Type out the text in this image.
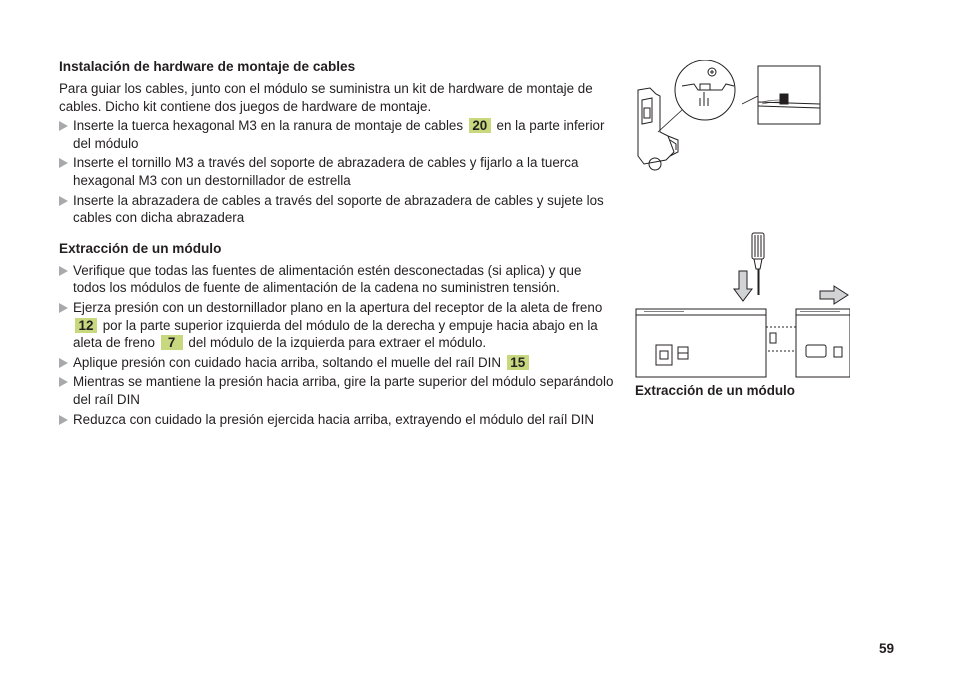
Instalación de hardware de montaje de cables

Para guiar los cables, junto con el módulo se suministra un kit de hardware de montaje de cables. Dicho kit contiene dos juegos de hardware de montaje.

Inserte la tuerca hexagonal M3 en la ranura de montaje de cables 20 en la parte inferior del módulo
Inserte el tornillo M3 a través del soporte de abrazadera de cables y fijarlo a la tuerca hexagonal M3 con un destornillador de estrella
Inserte la abrazadera de cables a través del soporte de abrazadera de cables y sujete los cables con dicha abrazadera
Extracción de un módulo
Verifique que todas las fuentes de alimentación estén desconectadas (si aplica) y que todos los módulos de fuente de alimentación de la cadena no suministren tensión.
Ejerza presión con un destornillador plano en la apertura del receptor de la aleta de freno 12 por la parte superior izquierda del módulo de la derecha y empuje hacia abajo en la aleta de freno 7 del módulo de la izquierda para extraer el módulo.
Aplique presión con cuidado hacia arriba, soltando el muelle del raíl DIN 15
Mientras se mantiene la presión hacia arriba, gire la parte superior del módulo separándolo del raíl DIN
Reduzca con cuidado la presión ejercida hacia arriba, extrayendo el módulo del raíl DIN
Extracción de un módulo
59
